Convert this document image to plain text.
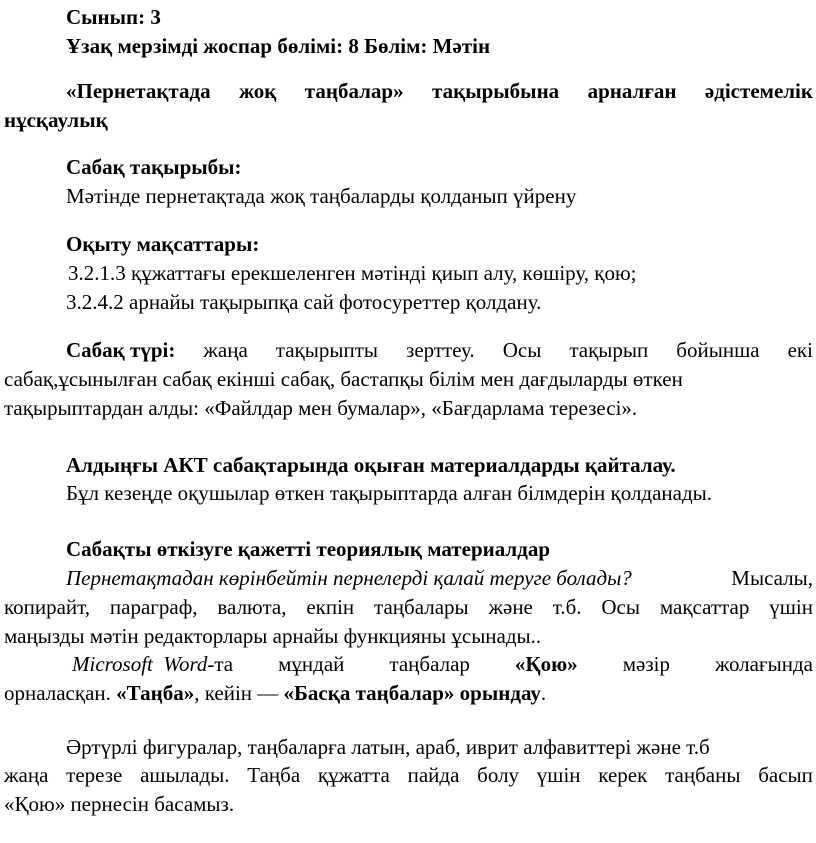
Сынып: 3
Ұзақ мерзімді жоспар бөлімі: 8 Бөлім: Мәтін
«Пернетақтада жоқ таңбалар» тақырыбына арналған әдістемелік
нұсқаулық
Сабақ тақырыбы:
Мәтінде пернетақтада жоқ таңбаларды қолданып үйрену
Оқыту мақсаттары:
3.2.1.3 құжаттағы ерекшеленген мәтінді қиып алу, көшіру, қою;
3.2.4.2 арнайы тақырыпқа сай фотосуреттер қолдану.
Сабақ түрі: жаңа тақырыпты зерттеу. Осы тақырып бойынша екі
сабақ,ұсынылған сабақ екінші сабақ, бастапқы білім мен дағдыларды өткен
тақырыптардан алды: «Файлдар мен бумалар», «Бағдарлама терезесі».
Алдыңғы АКТ сабақтарында оқыған материалдарды қайталау.
Бұл кезеңде оқушылар өткен тақырыптарда алған білмдерін қолданады.
Сабақты өткізуге қажетті теориялық материалдар
Пернетақтадан көрінбейтін пернелерді қалай теруге болады?	Мысалы,
копирайт, параграф, валюта, екпін таңбалары және т.б. Осы мақсаттар үшін
маңызды мәтін редакторлары арнайы функцияны ұсынады..
Microsoft  Word-та мұндай таңбалар «Қою» мәзір жолағында
орналасқан. «Таңба», кейін — «Басқа таңбалар» орындау.
Әртүрлі фигуралар, таңбаларға латын, араб, иврит алфавиттері және т.б
жаңа терезе ашылады. Таңба құжатта пайда болу үшін керек таңбаны басып
«Қою» пернесін басамыз.
